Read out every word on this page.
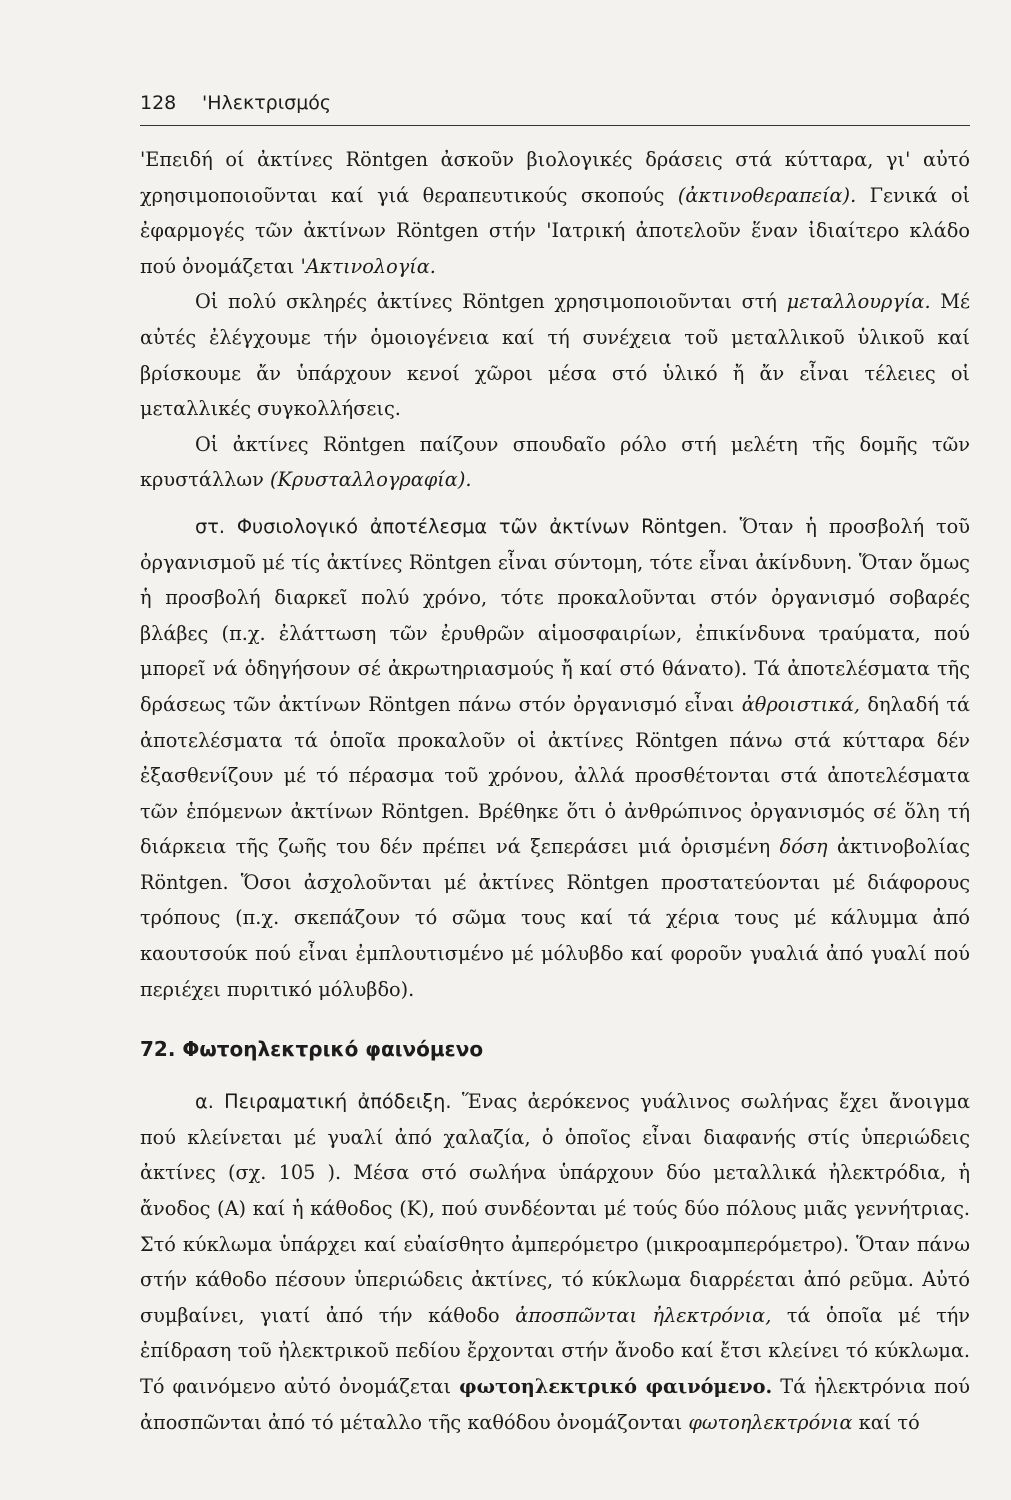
128 'Ηλεκτρισμός

'Επειδή οί ἀκτίνες Röntgen ἀσκοῦν βιολογικές δράσεις στά κύτταρα, γι' αὐτό χρησιμοποιοῦνται καί γιά θεραπευτικούς σκοπούς (ἀκτινοθεραπεία). Γενικά οἱ ἐφαρμογές τῶν ἀκτίνων Röntgen στήν 'Ιατρική ἀποτελοῦν ἕναν ἰδιαίτερο κλάδο πού ὀνομάζεται 'Ακτινολογία.

Οἱ πολύ σκληρές ἀκτίνες Röntgen χρησιμοποιοῦνται στή μεταλλουργία. Μέ αὐτές ἐλέγχουμε τήν ὁμοιογένεια καί τή συνέχεια τοῦ μεταλλικοῦ ὑλικοῦ καί βρίσκουμε ἄν ὑπάρχουν κενοί χῶροι μέσα στό ὑλικό ἤ ἄν εἶναι τέλειες οἱ μεταλλικές συγκολλήσεις.

Οἱ ἀκτίνες Röntgen παίζουν σπουδαῖο ρόλο στή μελέτη τῆς δομῆς τῶν κρυστάλλων (Κρυσταλλογραφία).

στ. Φυσιολογικό ἀποτέλεσμα τῶν ἀκτίνων Röntgen. Ὅταν ἡ προσβολή τοῦ ὀργανισμοῦ μέ τίς ἀκτίνες Röntgen εἶναι σύντομη, τότε εἶναι ἀκίνδυνη. Ὅταν ὅμως ἡ προσβολή διαρκεῖ πολύ χρόνο, τότε προκαλοῦνται στόν ὀργανισμό σοβαρές βλάβες (π.χ. ἐλάττωση τῶν ἐρυθρῶν αἱμοσφαιρίων, ἐπικίνδυνα τραύματα, πού μπορεῖ νά ὁδηγήσουν σέ ἀκρωτηριασμούς ἤ καί στό θάνατο). Τά ἀποτελέσματα τῆς δράσεως τῶν ἀκτίνων Röntgen πάνω στόν ὀργανισμό εἶναι ἀθροιστικά, δηλαδή τά ἀποτελέσματα τά ὁποῖα προκαλοῦν οἱ ἀκτίνες Röntgen πάνω στά κύτταρα δέν ἐξασθενίζουν μέ τό πέρασμα τοῦ χρόνου, ἀλλά προσθέτονται στά ἀποτελέσματα τῶν ἑπόμενων ἀκτίνων Röntgen. Βρέθηκε ὅτι ὁ ἀνθρώπινος ὀργανισμός σέ ὅλη τή διάρκεια τῆς ζωῆς του δέν πρέπει νά ξεπεράσει μιά ὁρισμένη δόση ἀκτινοβολίας Röntgen. Ὅσοι ἀσχολοῦνται μέ ἀκτίνες Röntgen προστατεύονται μέ διάφορους τρόπους (π.χ. σκεπάζουν τό σῶμα τους καί τά χέρια τους μέ κάλυμμα ἀπό καουτσούκ πού εἶναι ἐμπλουτισμένο μέ μόλυβδο καί φοροῦν γυαλιά ἀπό γυαλί πού περιέχει πυριτικό μόλυβδο).

72. Φωτοηλεκτρικό φαινόμενο

α. Πειραματική ἀπόδειξη. Ἕνας ἀερόκενος γυάλινος σωλήνας ἔχει ἄνοιγμα πού κλείνεται μέ γυαλί ἀπό χαλαζία, ὁ ὁποῖος εἶναι διαφανής στίς ὑπεριώδεις ἀκτίνες (σχ. 105 ). Μέσα στό σωλήνα ὑπάρχουν δύο μεταλλικά ἠλεκτρόδια, ἡ ἄνοδος (Α) καί ἡ κάθοδος (Κ), πού συνδέονται μέ τούς δύο πόλους μιᾶς γεννήτριας. Στό κύκλωμα ὑπάρχει καί εὐαίσθητο ἀμπερόμετρο (μικροαμπερόμετρο). Ὅταν πάνω στήν κάθοδο πέσουν ὑπεριώδεις ἀκτίνες, τό κύκλωμα διαρρέεται ἀπό ρεῦμα. Αὐτό συμβαίνει, γιατί ἀπό τήν κάθοδο ἀποσπῶνται ἠλεκτρόνια, τά ὁποῖα μέ τήν ἐπίδραση τοῦ ἠλεκτρικοῦ πεδίου ἔρχονται στήν ἄνοδο καί ἔτσι κλείνει τό κύκλωμα. Τό φαινόμενο αὐτό ὀνομάζεται φωτοηλεκτρικό φαινόμενο. Τά ἠλεκτρόνια πού ἀποσπῶνται ἀπό τό μέταλλο τῆς καθόδου ὀνομάζονται φωτοηλεκτρόνια καί τό
